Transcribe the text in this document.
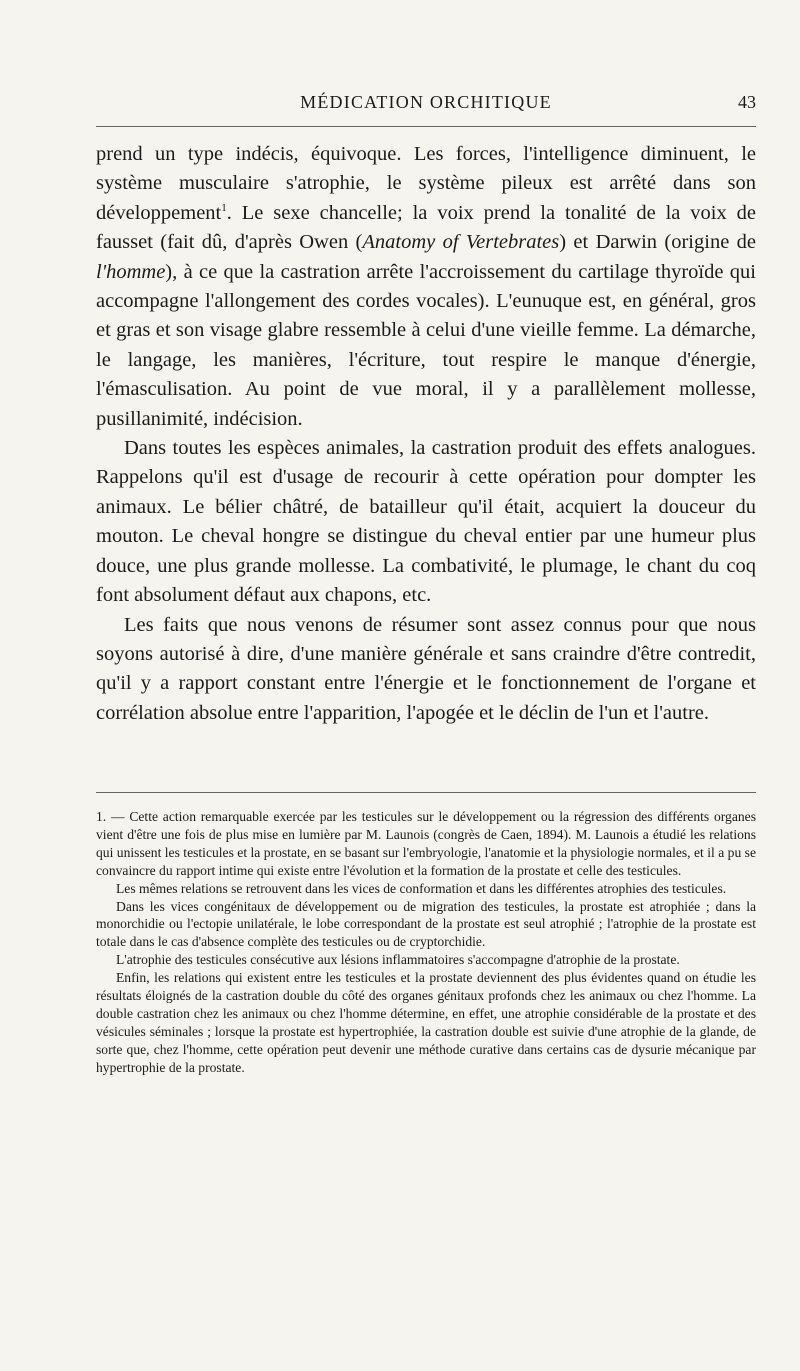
MÉDICATION ORCHITIQUE	43

prend un type indécis, équivoque. Les forces, l'intelligence diminuent, le système musculaire s'atrophie, le système pileux est arrêté dans son développement$^1$. Le sexe chancelle; la voix prend la tonalité de la voix de fausset (fait dû, d'après Owen (Anatomy of Vertebrates) et Darwin (origine de l'homme), à ce que la castration arrête l'accroissement du cartilage thyroïde qui accompagne l'allongement des cordes vocales). L'eunuque est, en général, gros et gras et son visage glabre ressemble à celui d'une vieille femme. La démarche, le langage, les manières, l'écriture, tout respire le manque d'énergie, l'émasculisation. Au point de vue moral, il y a parallèlement mollesse, pusillanimité, indécision.

Dans toutes les espèces animales, la castration produit des effets analogues. Rappelons qu'il est d'usage de recourir à cette opération pour dompter les animaux. Le bélier châtré, de batailleur qu'il était, acquiert la douceur du mouton. Le cheval hongre se distingue du cheval entier par une humeur plus douce, une plus grande mollesse. La combativité, le plumage, le chant du coq font absolument défaut aux chapons, etc.

Les faits que nous venons de résumer sont assez connus pour que nous soyons autorisé à dire, d'une manière générale et sans craindre d'être contredit, qu'il y a rapport constant entre l'énergie et le fonctionnement de l'organe et corrélation absolue entre l'apparition, l'apogée et le déclin de l'un et l'autre.

1. — Cette action remarquable exercée par les testicules sur le développement ou la régression des différents organes vient d'être une fois de plus mise en lumière par M. Launois (congrès de Caen, 1894). M. Launois a étudié les relations qui unissent les testicules et la prostate, en se basant sur l'embryologie, l'anatomie et la physiologie normales, et il a pu se convaincre du rapport intime qui existe entre l'évolution et la formation de la prostate et celle des testicules.

Les mêmes relations se retrouvent dans les vices de conformation et dans les différentes atrophies des testicules.

Dans les vices congénitaux de développement ou de migration des testicules, la prostate est atrophiée ; dans la monorchidie ou l'ectopie unilatérale, le lobe correspondant de la prostate est seul atrophié ; l'atrophie de la prostate est totale dans le cas d'absence complète des testicules ou de cryptorchidie.

L'atrophie des testicules consécutive aux lésions inflammatoires s'accompagne d'atrophie de la prostate.

Enfin, les relations qui existent entre les testicules et la prostate deviennent des plus évidentes quand on étudie les résultats éloignés de la castration double du côté des organes génitaux profonds chez les animaux ou chez l'homme. La double castration chez les animaux ou chez l'homme détermine, en effet, une atrophie considérable de la prostate et des vésicules séminales ; lorsque la prostate est hypertrophiée, la castration double est suivie d'une atrophie de la glande, de sorte que, chez l'homme, cette opération peut devenir une méthode curative dans certains cas de dysurie mécanique par hypertrophie de la prostate.
